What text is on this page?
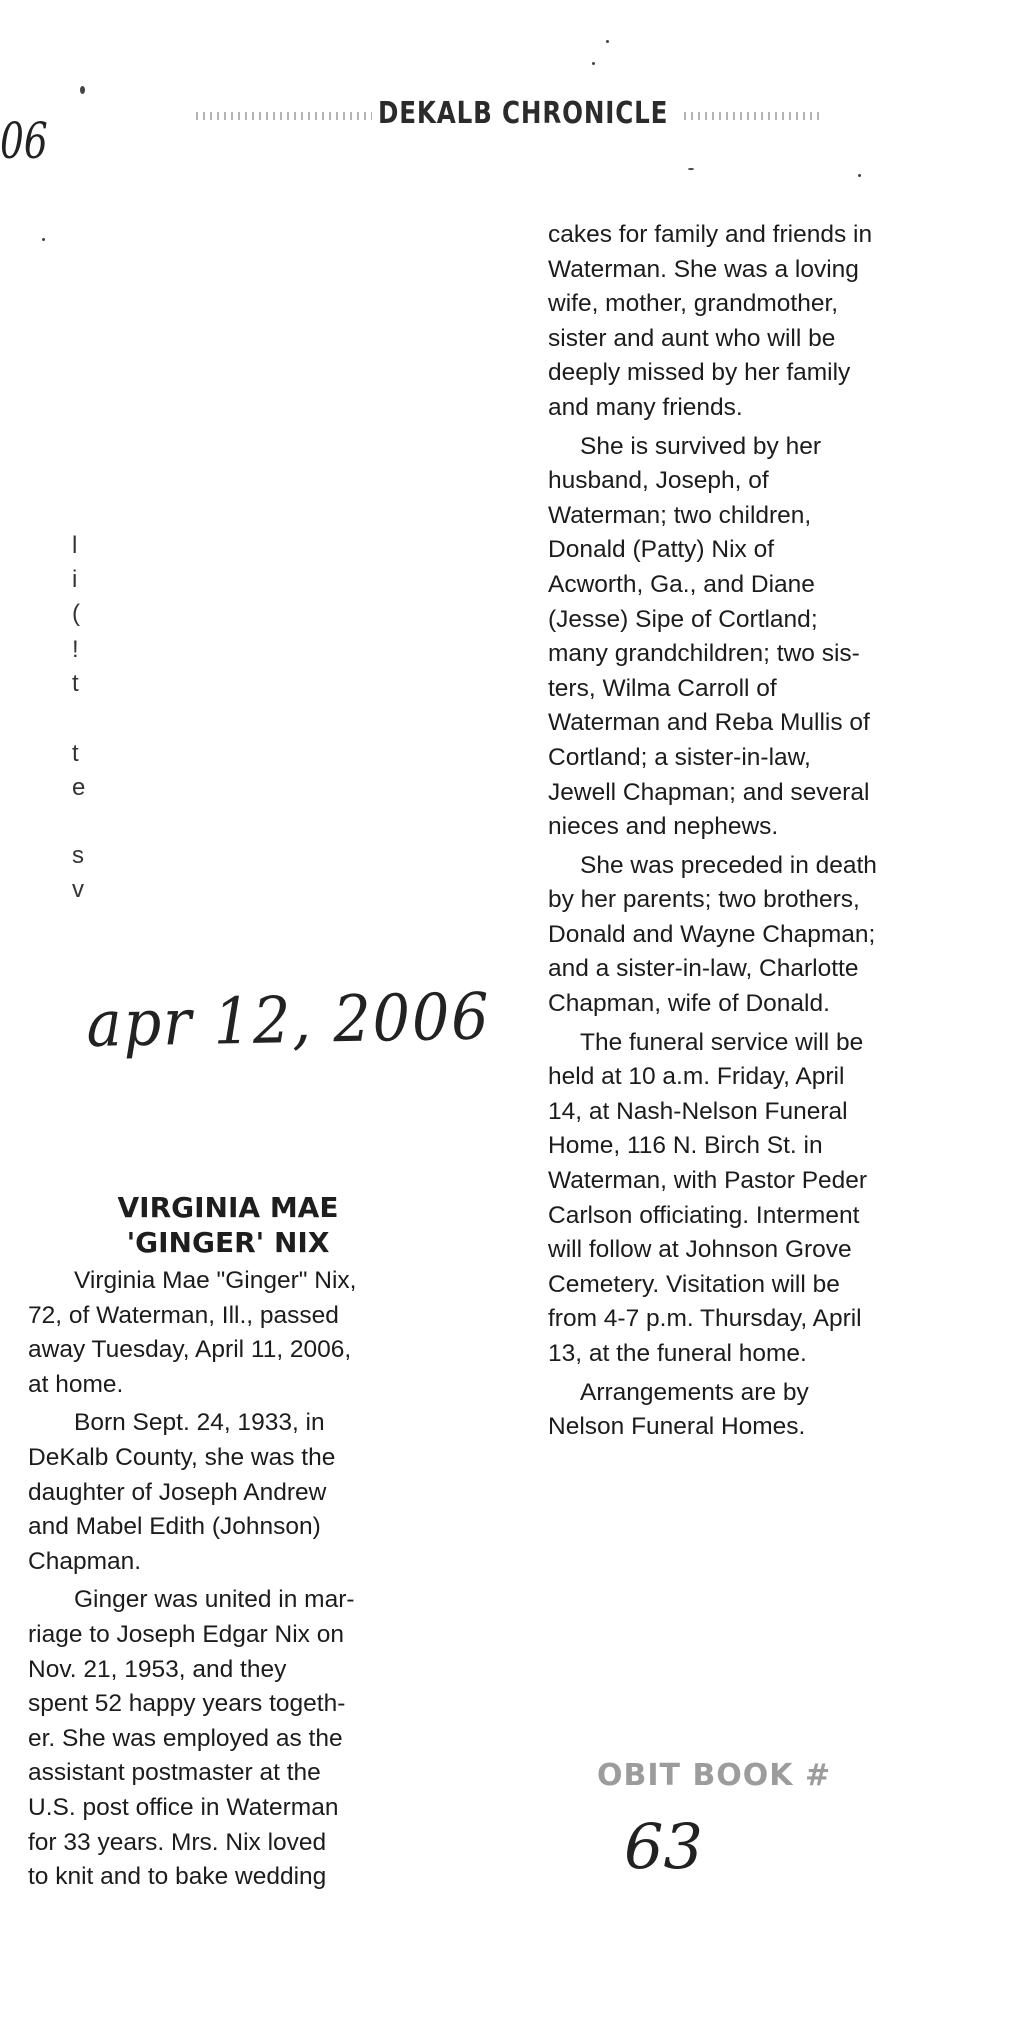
DEKALB CHRONICLE
06
l
i
(
!
t
t
e
s
v
apr 12, 2006
VIRGINIA MAE
'GINGER' NIX

Virginia Mae "Ginger" Nix,
72, of Waterman, Ill., passed
away Tuesday, April 11, 2006,
at home.

Born Sept. 24, 1933, in
DeKalb County, she was the
daughter of Joseph Andrew
and Mabel Edith (Johnson)
Chapman.

Ginger was united in mar-
riage to Joseph Edgar Nix on
Nov. 21, 1953, and they
spent 52 happy years togeth-
er. She was employed as the
assistant postmaster at the
U.S. post office in Waterman
for 33 years. Mrs. Nix loved
to knit and to bake wedding

cakes for family and friends in
Waterman. She was a loving
wife, mother, grandmother,
sister and aunt who will be
deeply missed by her family
and many friends.

She is survived by her
husband, Joseph, of
Waterman; two children,
Donald (Patty) Nix of
Acworth, Ga., and Diane
(Jesse) Sipe of Cortland;
many grandchildren; two sis-
ters, Wilma Carroll of
Waterman and Reba Mullis of
Cortland; a sister-in-law,
Jewell Chapman; and several
nieces and nephews.

She was preceded in death
by her parents; two brothers,
Donald and Wayne Chapman;
and a sister-in-law, Charlotte
Chapman, wife of Donald.

The funeral service will be
held at 10 a.m. Friday, April
14, at Nash-Nelson Funeral
Home, 116 N. Birch St. in
Waterman, with Pastor Peder
Carlson officiating. Interment
will follow at Johnson Grove
Cemetery. Visitation will be
from 4-7 p.m. Thursday, April
13, at the funeral home.

Arrangements are by
Nelson Funeral Homes.

OBIT BOOK #
63
